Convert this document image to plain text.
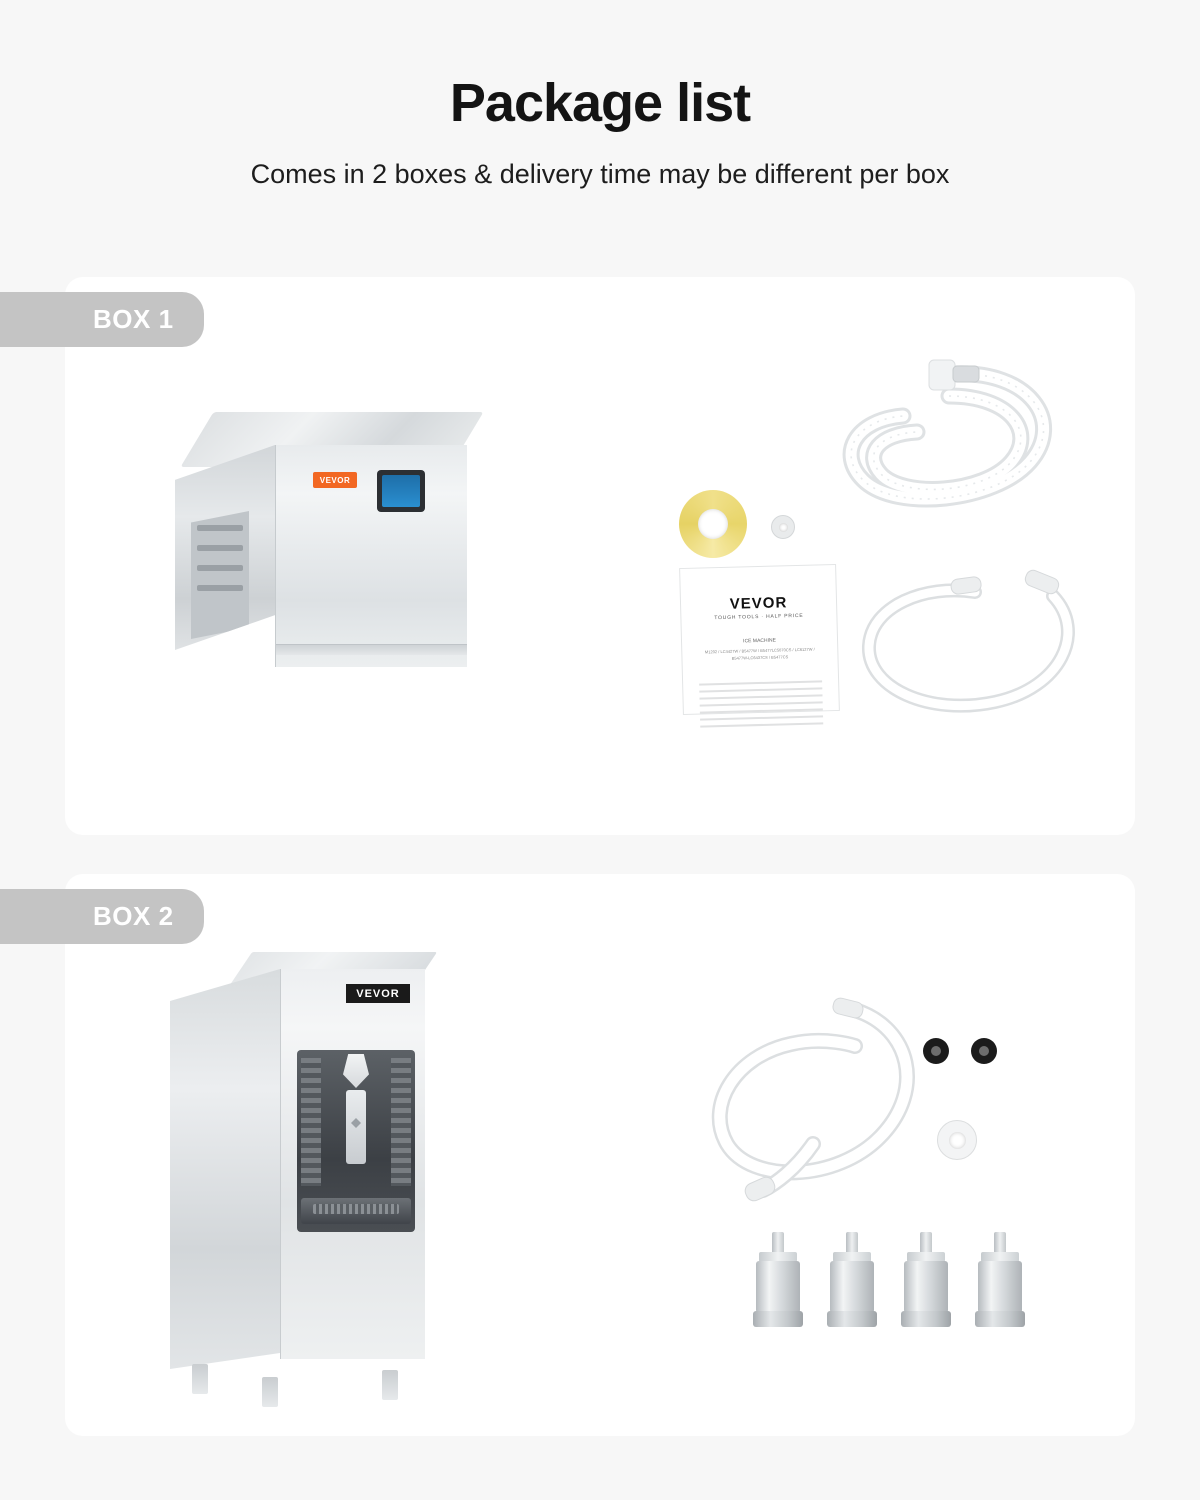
Package list
Comes in 2 boxes & delivery time may be different per box
BOX 1
VEVOR
VEVOR
TOUGH TOOLS · HALF PRICE
ICE MACHINE
M1202 / LC4427W / B5477W / B5477LC5070CS / LC6127W / B5477W-LC6437CS / B5477CS
BOX 2
VEVOR
